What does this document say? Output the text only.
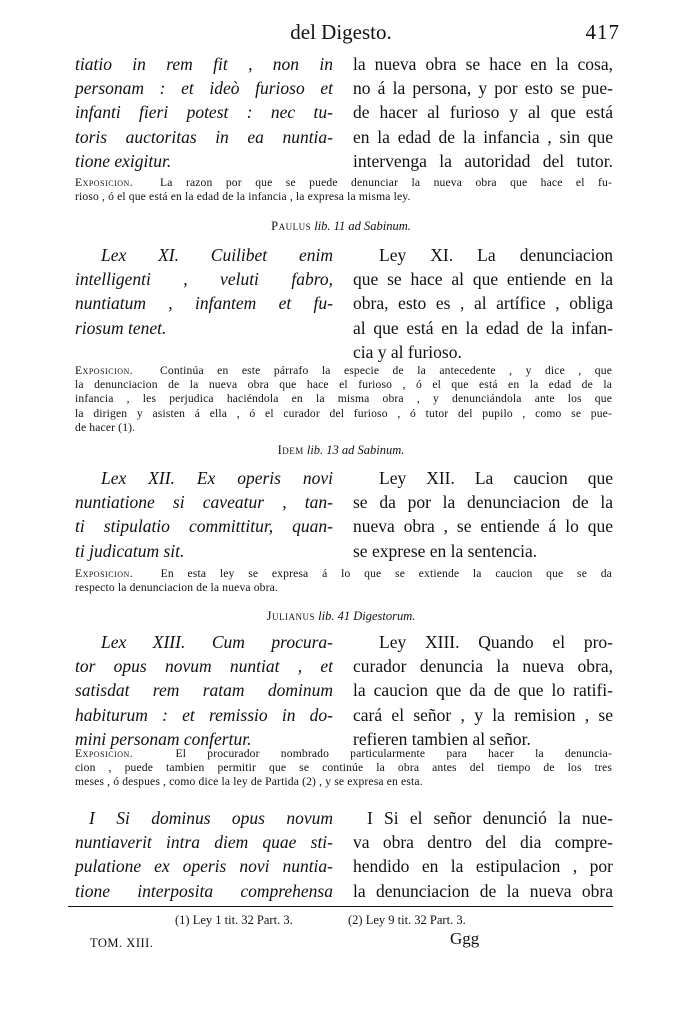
del Digesto.	417
tiatio in rem fit , non in
personam : et ideò furioso et
infanti fieri potest : nec tu-
toris auctoritas in ea nuntia-
tione exigitur.
la nueva obra se hace en la cosa,
no á la persona, y por esto se pue-
de hacer al furioso y al que está
en la edad de la infancia , sin que
intervenga la autoridad del tutor.
Exposicion. La razon por que se puede denunciar la nueva obra que hace el fu-
rioso , ó el que está en la edad de la infancia , la expresa la misma ley.
Paulus lib. 11 ad Sabinum.
Lex XI. Cuilibet enim
intelligenti , veluti fabro,
nuntiatum , infantem et fu-
riosum tenet.
Ley XI. La denunciacion
que se hace al que entiende en la
obra, esto es , al artífice , obliga
al que está en la edad de la infan-
cia y al furioso.
Exposicion. Continúa en este párrafo la especie de la antecedente , y dice , que
la denunciacion de la nueva obra que hace el furioso , ó el que está en la edad de la
infancia , les perjudica haciéndola en la misma obra , y denunciándola ante los que
la dirigen y asisten á ella , ó el curador del furioso , ó tutor del pupilo , como se pue-
de hacer (1).
Idem lib. 13 ad Sabinum.
Lex XII. Ex operis novi
nuntiatione si caveatur , tan-
ti stipulatio committitur, quan-
ti judicatum sit.
Ley XII. La caucion que
se da por la denunciacion de la
nueva obra , se entiende á lo que
se exprese en la sentencia.
Exposicion. En esta ley se expresa á lo que se extiende la caucion que se da
respecto la denunciacion de la nueva obra.
Julianus lib. 41 Digestorum.
Lex XIII. Cum procura-
tor opus novum nuntiat , et
satisdat rem ratam dominum
habiturum : et remissio in do-
mini personam confertur.
Ley XIII. Quando el pro-
curador denuncia la nueva obra,
la caucion que da de que lo ratifi-
cará el señor , y la remision , se
refieren tambien al señor.
Exposicion.	El procurador nombrado particularmente para hacer la denuncia-
cion , puede tambien permitir que se continúe la obra antes del tiempo de los tres
meses , ó despues , como dice la ley de Partida (2) , y se expresa en esta.
I Si dominus opus novum
nuntiaverit intra diem quae sti-
pulatione ex operis novi nuntia-
tione interposita comprehensa
I Si el señor denunció la nue-
va obra dentro del dia compre-
hendido en la estipulacion , por
la denunciacion de la nueva obra
(1) Ley 1 tit. 32 Part. 3.	(2) Ley 9 tit. 32 Part. 3.
TOM. XIII.	Ggg
